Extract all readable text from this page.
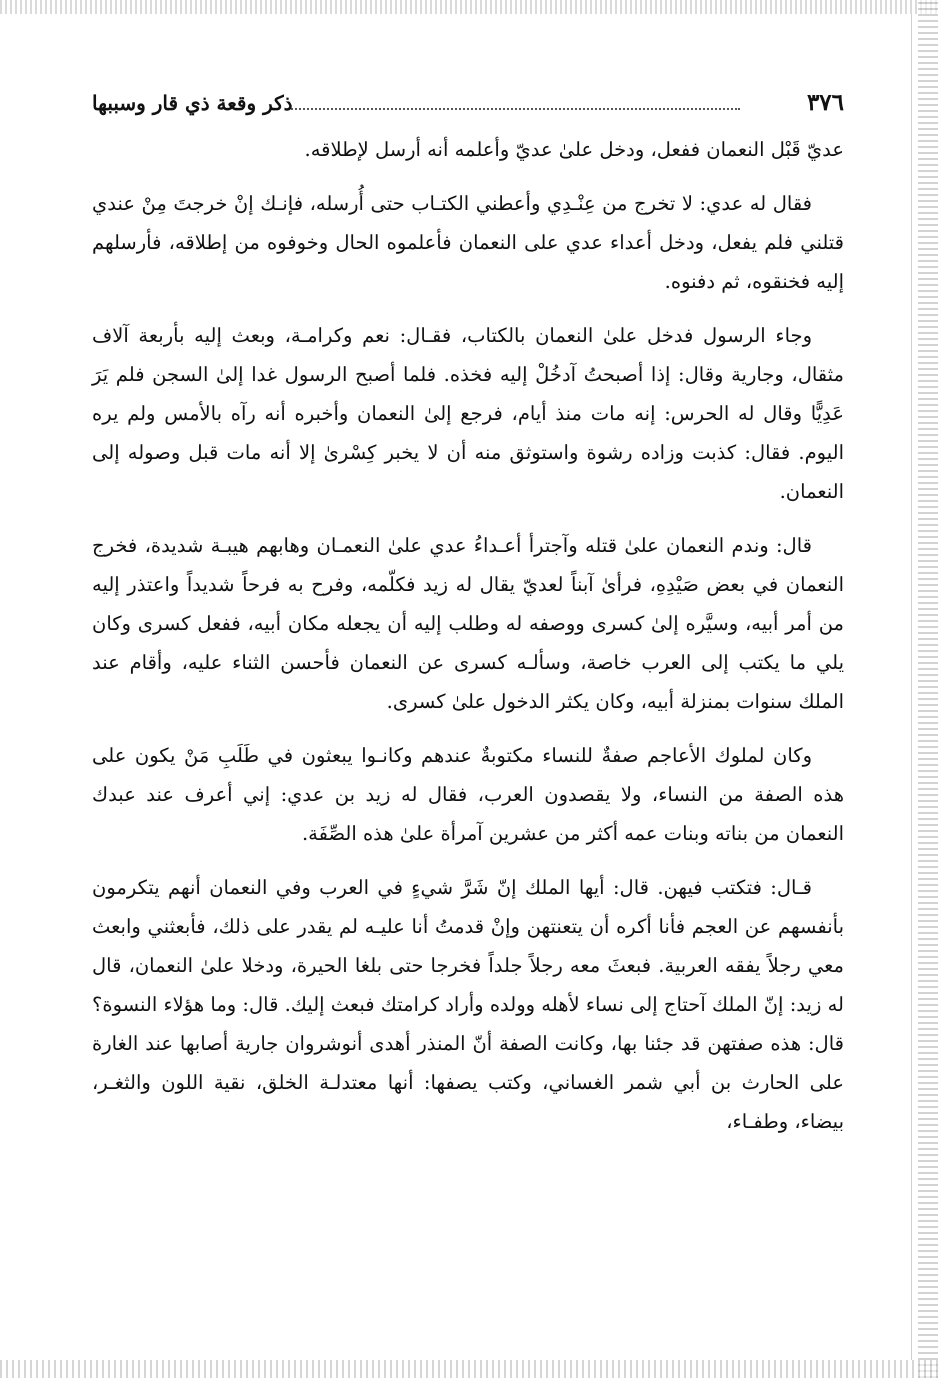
٣٧٦
ذكر وقعة ذي قار وسببها

عديّ قَبْل النعمان ففعل، ودخل علىٰ عديّ وأعلمه أنه أرسل لإطلاقه.

فقال له عدي: لا تخرج من عِنْـدِي وأعطني الكتـاب حتى أُرسله، فإنـك إنْ خرجتَ مِنْ عندي قتلني فلم يفعل، ودخل أعداء عدي على النعمان فأعلموه الحال وخوفوه من إطلاقه، فأرسلهم إليه فخنقوه، ثم دفنوه.

وجاء الرسول فدخل علىٰ النعمان بالكتاب، فقـال: نعم وكرامـة، وبعث إليه بأربعة آلاف مثقال، وجارية وقال: إذا أصبحتُ آدخُلْ إليه فخذه. فلما أصبح الرسول غدا إلىٰ السجن فلم يَرَ عَدِيًّا وقال له الحرس: إنه مات منذ أيام، فرجع إلىٰ النعمان وأخبره أنه رآه بالأمس ولم يره اليوم. فقال: كذبت وزاده رشوة واستوثق منه أن لا يخبر كِسْرىٰ إلا أنه مات قبل وصوله إلى النعمان.

قال: وندم النعمان علىٰ قتله وآجترأ أعـداءُ عدي علىٰ النعمـان وهابهم هيبـة شديدة، فخرج النعمان في بعض صَيْدِهِ، فرأىٰ آبناً لعديّ يقال له زيد فكلّمه، وفرح به فرحاً شديداً واعتذر إليه من أمر أبيه، وسيَّره إلىٰ كسرى ووصفه له وطلب إليه أن يجعله مكان أبيه، ففعل كسرى وكان يلي ما يكتب إلى العرب خاصة، وسألـه كسرى عن النعمان فأحسن الثناء عليه، وأقام عند الملك سنوات بمنزلة أبيه، وكان يكثر الدخول علىٰ كسرى.

وكان لملوك الأعاجم صفةٌ للنساء مكتوبةٌ عندهم وكانـوا يبعثون في طَلَبِ مَنْ يكون على هذه الصفة من النساء، ولا يقصدون العرب، فقال له زيد بن عدي: إني أعرف عند عبدك النعمان من بناته وبنات عمه أكثر من عشرين آمرأة علىٰ هذه الصِّفَة.

قـال: فتكتب فيهن. قال: أيها الملك إنّ شَرَّ شيءٍ في العرب وفي النعمان أنهم يتكرمون بأنفسهم عن العجم فأنا أكره أن يتعنتهن وإنْ قدمتُ أنا عليـه لم يقدر على ذلك، فأبعثني وابعث معي رجلاً يفقه العربية. فبعثَ معه رجلاً جلداً فخرجا حتى بلغا الحيرة، ودخلا علىٰ النعمان، قال له زيد: إنّ الملك آحتاج إلى نساء لأهله وولده وأراد كرامتك فبعث إليك. قال: وما هؤلاء النسوة؟ قال: هذه صفتهن قد جئنا بها، وكانت الصفة أنّ المنذر أهدى أنوشروان جارية أصابها عند الغارة على الحارث بن أبي شمر الغساني، وكتب يصفها: أنها معتدلـة الخلق، نقية اللون والثغـر، بيضاء، وطفـاء،
